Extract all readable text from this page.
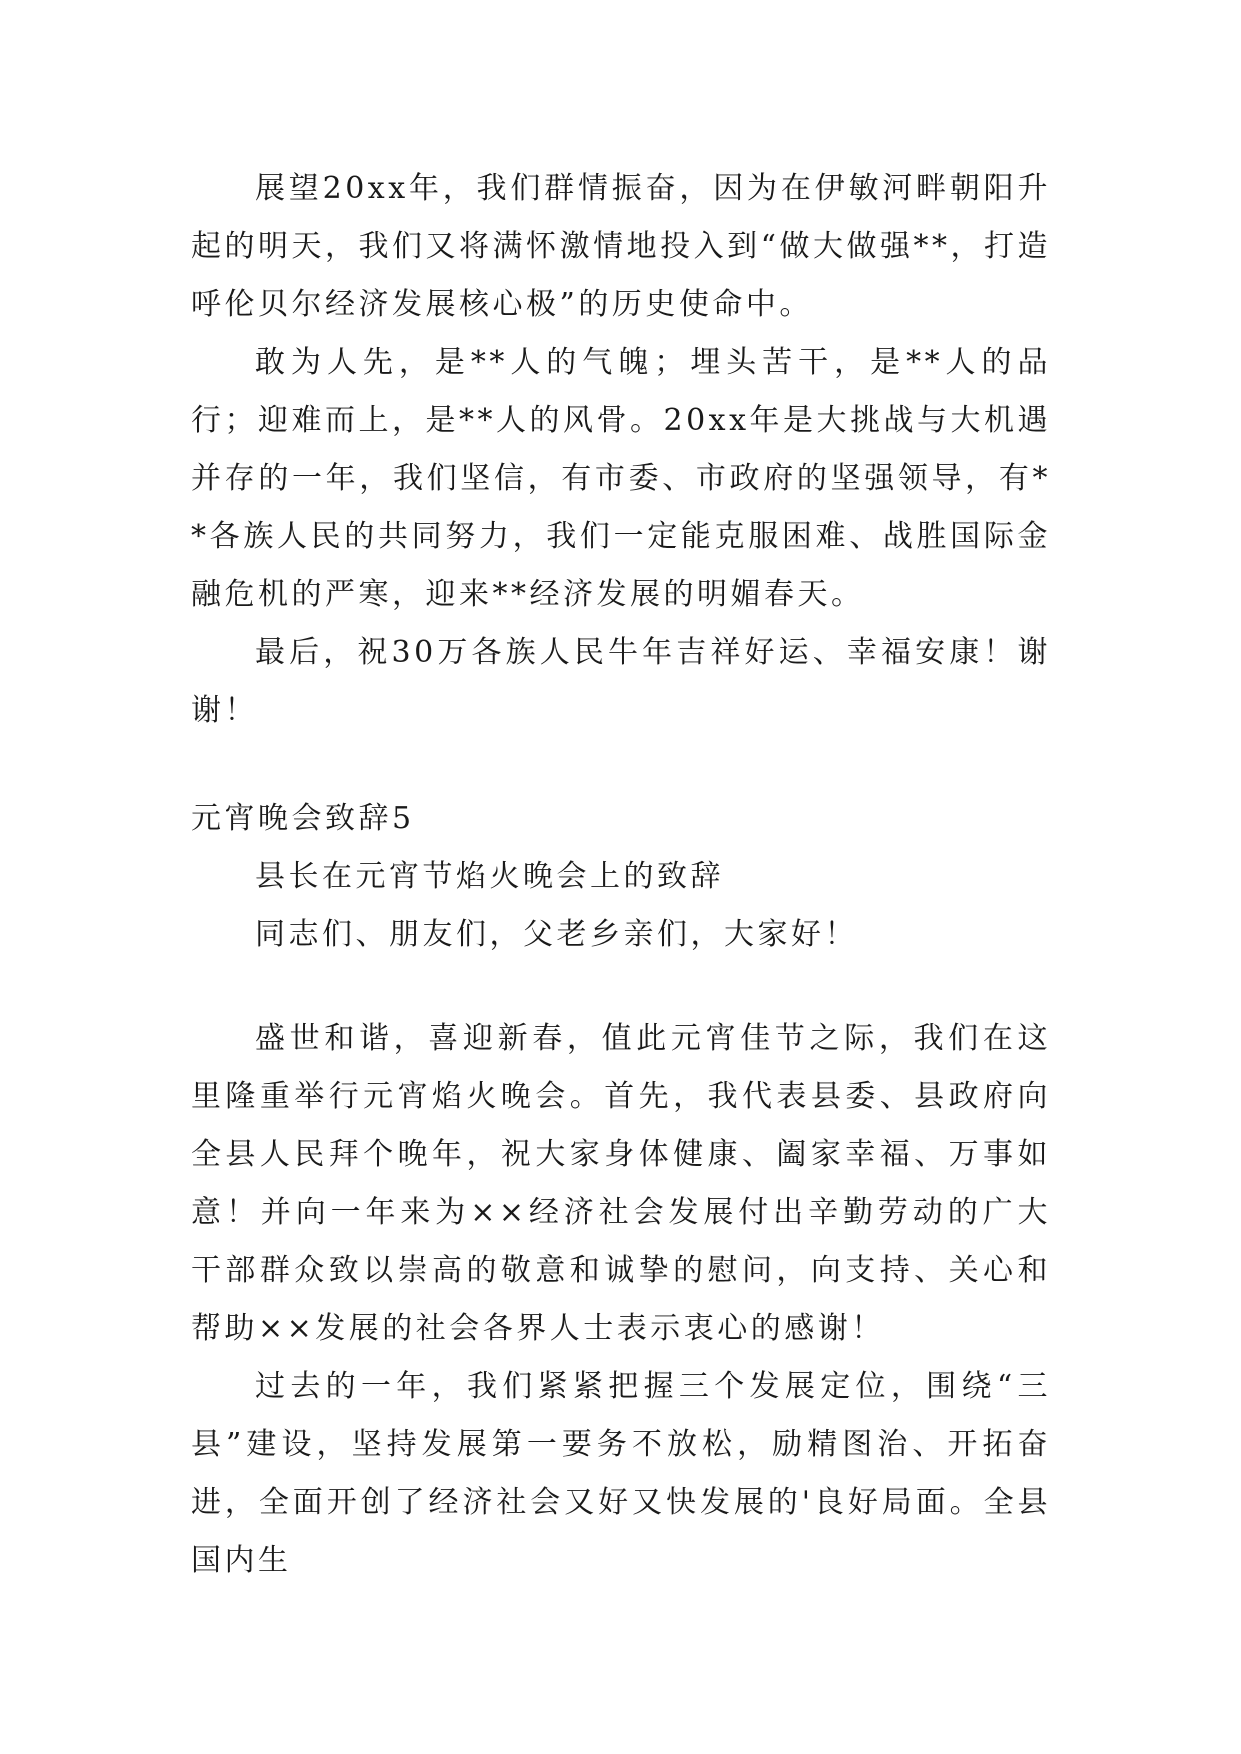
展望20xx年，我们群情振奋，因为在伊敏河畔朝阳升起的明天，我们又将满怀激情地投入到“做大做强**，打造呼伦贝尔经济发展核心极”的历史使命中。

敢为人先，是**人的气魄；埋头苦干，是**人的品行；迎难而上，是**人的风骨。20xx年是大挑战与大机遇并存的一年，我们坚信，有市委、市政府的坚强领导，有**各族人民的共同努力，我们一定能克服困难、战胜国际金融危机的严寒，迎来**经济发展的明媚春天。

最后，祝30万各族人民牛年吉祥好运、幸福安康！谢谢！

元宵晚会致辞5

县长在元宵节焰火晚会上的致辞

同志们、朋友们，父老乡亲们，大家好！

盛世和谐，喜迎新春，值此元宵佳节之际，我们在这里隆重举行元宵焰火晚会。首先，我代表县委、县政府向全县人民拜个晚年，祝大家身体健康、阖家幸福、万事如意！并向一年来为××经济社会发展付出辛勤劳动的广大干部群众致以崇高的敬意和诚挚的慰问，向支持、关心和帮助××发展的社会各界人士表示衷心的感谢！

过去的一年，我们紧紧把握三个发展定位，围绕“三县”建设，坚持发展第一要务不放松，励精图治、开拓奋进，全面开创了经济社会又好又快发展的'良好局面。全县国内生
